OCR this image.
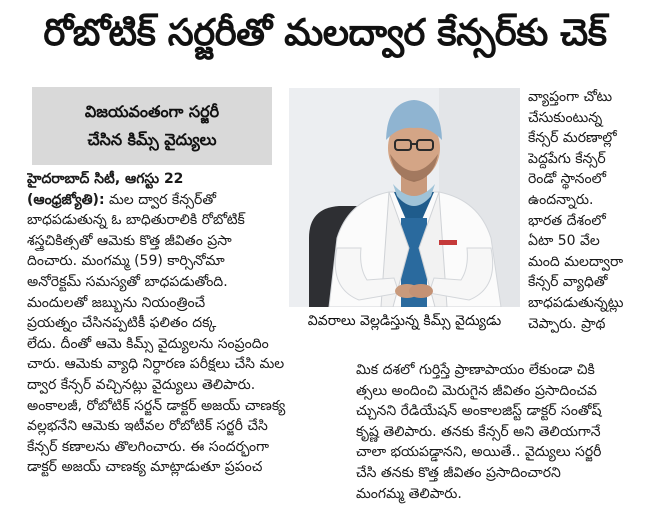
రోబోటిక్ సర్జరీతో మలద్వార కేన్సర్‌కు చెక్
విజయవంతంగా సర్జరీ
చేసిన కిమ్స్ వైద్యులు
వివరాలు వెల్లడిస్తున్న కిమ్స్ వైద్యుడు
హైదరాబాద్ సిటీ, ఆగస్టు 22
(ఆంధ్రజ్యోతి): మల ద్వార కేన్సర్‌తో
బాధపడుతున్న ఓ బాధితురాలికి రోబోటిక్
శస్త్రచికిత్సతో ఆమెకు కొత్త జీవితం ప్రసా
దించారు. మంగమ్మ (59) కార్సినోమా
అనోరెక్టమ్ సమస్యతో బాధపడుతోంది.
మందులతో జబ్బును నియంత్రించే
ప్రయత్నం చేసినప్పటికీ ఫలితం దక్క
లేదు. దీంతో ఆమె కిమ్స్ వైద్యులను సంప్రందిం
చారు. ఆమెకు వ్యాధి నిర్ధారణ పరీక్షలు చేసి మల
ద్వార కేన్సర్ వచ్చినట్లు వైద్యులు తెలిపారు.
అంకాలజీ, రోబోటిక్ సర్జన్ డాక్టర్ అజయ్ చాణక్య
వల్లభనేని ఆమెకు ఇటీవల రోబోటిక్ సర్జరీ చేసి
కేన్సర్ కణాలను తొలగించారు. ఈ సందర్భంగా
డాక్టర్ అజయ్ చాణక్య మాట్లాడుతూ ప్రపంచ
వ్యాప్తంగా చోటు
చేసుకుంటున్న
కేన్సర్ మరణాల్లో
పెద్దపేగు కేన్సర్
రెండో స్థానంలో
ఉందన్నారు.
భారత దేశంలో
ఏటా 50 వేల
మంది మలద్వారా
కేన్సర్ వ్యాధితో
బాధపడుతున్నట్లు
చెప్పారు. ప్రాథ
మిక దశలో గుర్తిస్తే ప్రాణాపాయం లేకుండా చికి
త్సలు అందించి మెరుగైన జీవితం ప్రసాదించవ
చ్చునని రేడియేషన్ అంకాలజిస్ట్ డాక్టర్ సంతోష్
కృష్ణ తెలిపారు. తనకు కేన్సర్ అని తెలియగానే
చాలా భయపడ్డానని, అయితే.. వైద్యులు సర్జరీ
చేసి తనకు కొత్త జీవితం ప్రసాదించారని
మంగమ్మ తెలిపారు.
